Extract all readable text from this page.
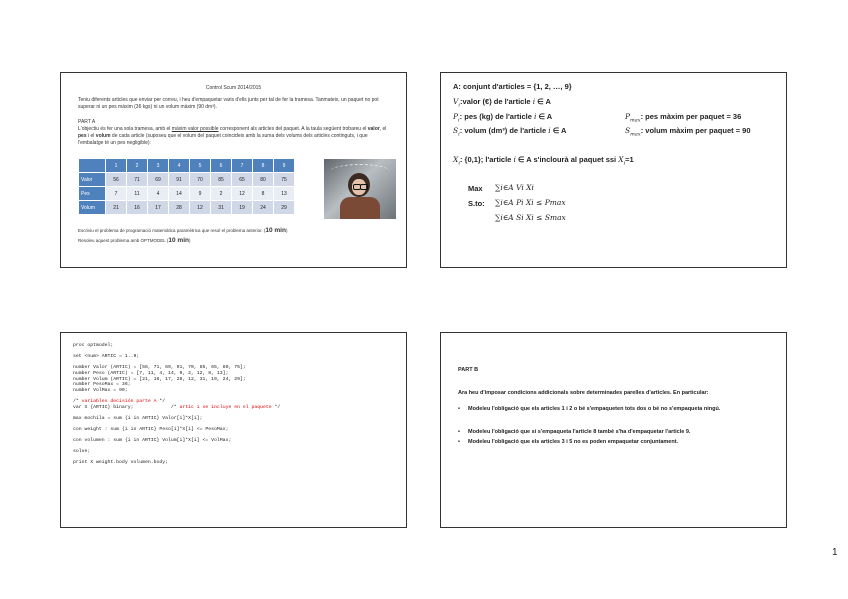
Control Scum 2014/2015
Teniu diferents articles que enviar per correu, i heu d'empaquetar varis d'ells junts per tal de fer la tramesa. Tanmateix, un paquet no pot superar ni un pes màxim (36 kgs) ni un volum màxim (90 dm³).
PART A
L'objectiu és fer una sola tramesa, amb el màxim valor possible corresponent als articles del paquet. A la taula següent trobareu el valor, el pes i el volum de cada article (suposeu que el volum del paquet coincideix amb la suma dels volums dels articles continguts, i que l'embalatge té un pes negligible):
	1	2	3	4	5	6	7	8	9
Valor	56	71	69	91	70	85	65	80	75
Pes	7	11	4	14	9	2	12	8	13
Volum	21	16	17	28	12	31	19	24	29
Escriviu el problema de programació matemàtica paramètrica que resol el problema anterior. (10 min)
Resoleu aquest problema amb OPTMODEL (10 min)
A: conjunt d'articles = {1, 2, …, 9}
$V_i:valor$ (€) de l'article i ∈ A
$P_i$: pes (kg) de l'article i ∈ A	$P_{max}$: pes màxim per paquet = 36
$S_i$: volum (dm³) de l'article i ∈ A	$S_{max}$: volum màxim per paquet = 90
$X_i$: {0,1}; l'article i ∈ A s'inclourà al paquet ssi $X_i=1$
Max ∑i∈A Vi Xi
S.to: ∑i∈A Pi Xi ≤ Pmax
∑i∈A Si Xi ≤ Smax
proc optmodel;

set <num> ARTIC = 1..9;

number Valor (ARTIC) = [56, 71, 69, 91, 70, 85, 65, 80, 75];
number Peso (ARTIC) = [7, 11, 4, 14, 9, 2, 12, 8, 13];
number Volum (ARTIC) = [21, 16, 17, 28, 12, 31, 19, 24, 29];
number PesoMax = 36;
number VolMax = 90;

/* variables decisión parte A */
var X {ARTIC} binary;             /* artic i se incluye en el paquete */

max mochila = sum {i in ARTIC} Valor[i]*X[i];

con weight : sum {i in ARTIC} Peso[i]*X[i] <= PesoMax;

con volumen : sum {i in ARTIC} Volum[i]*X[i] <= VolMax;

solve;

print X weight.body volumen.body;
PART B
Ara heu d'imposar condicions addicionals sobre determinades parelles d'articles. En particular:
• Modeleu l'obligació que els articles 1 i 2 o bé s'empaqueten tots dos o bé no s'empaqueta ningú.
• Modeleu l'obligació que si s'empaqueta l'article 8 també s'ha d'empaquetar l'article 9.
• Modeleu l'obligació que els articles 3 i 5 no es poden empaquetar conjuntament.
1
